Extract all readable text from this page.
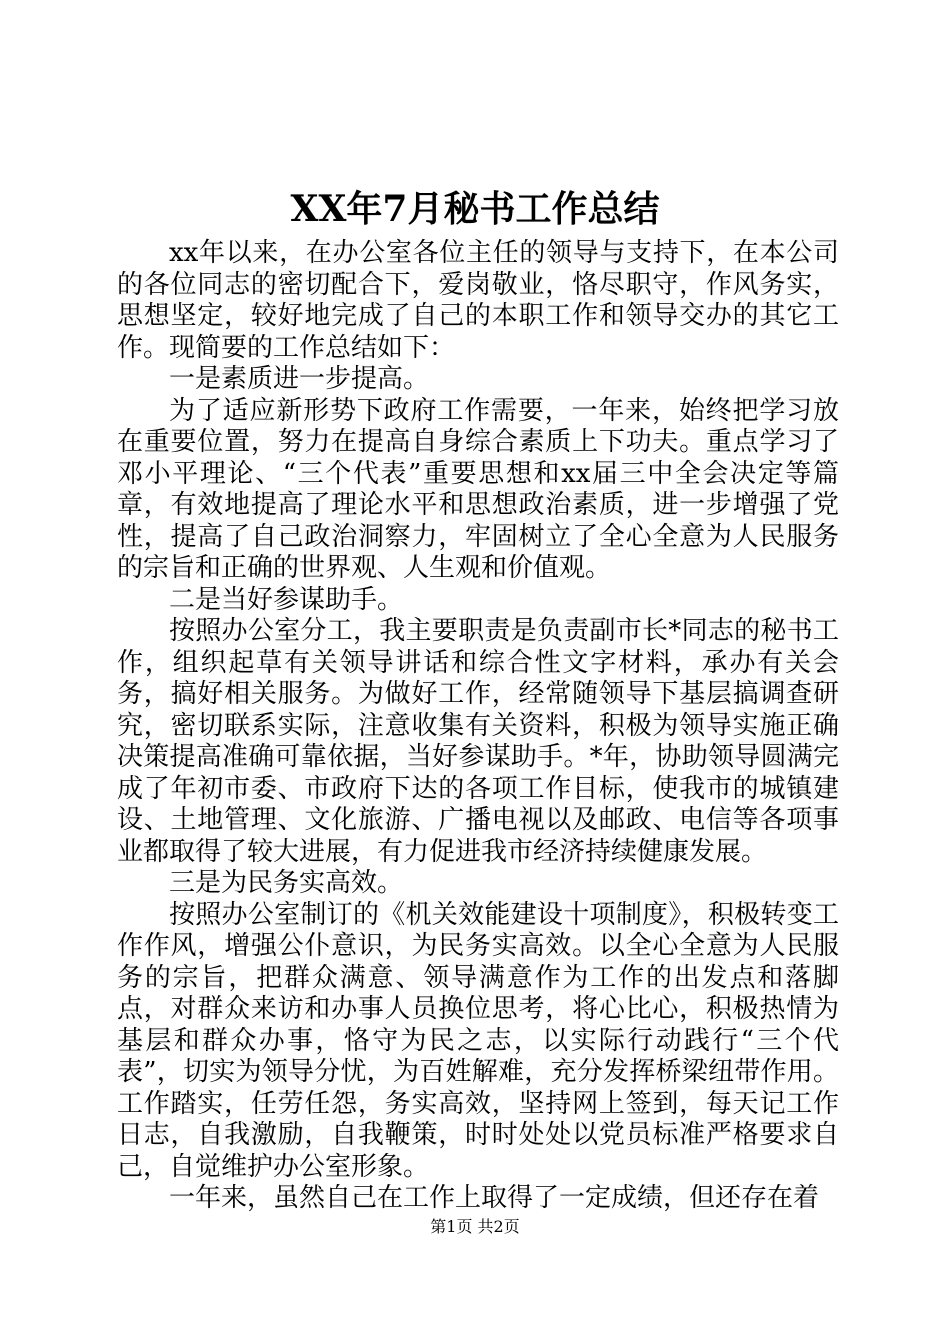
XX年7月秘书工作总结

xx年以来，在办公室各位主任的领导与支持下，在本公司的各位同志的密切配合下，爱岗敬业，恪尽职守，作风务实，思想坚定，较好地完成了自己的本职工作和领导交办的其它工作。现简要的工作总结如下：

一是素质进一步提高。

为了适应新形势下政府工作需要，一年来，始终把学习放在重要位置，努力在提高自身综合素质上下功夫。重点学习了邓小平理论、“三个代表”重要思想和xx届三中全会决定等篇章，有效地提高了理论水平和思想政治素质，进一步增强了党性，提高了自己政治洞察力，牢固树立了全心全意为人民服务的宗旨和正确的世界观、人生观和价值观。

二是当好参谋助手。

按照办公室分工，我主要职责是负责副市长*同志的秘书工作，组织起草有关领导讲话和综合性文字材料，承办有关会务，搞好相关服务。为做好工作，经常随领导下基层搞调查研究，密切联系实际，注意收集有关资料，积极为领导实施正确决策提高准确可靠依据，当好参谋助手。*年，协助领导圆满完成了年初市委、市政府下达的各项工作目标，使我市的城镇建设、土地管理、文化旅游、广播电视以及邮政、电信等各项事业都取得了较大进展，有力促进我市经济持续健康发展。

三是为民务实高效。

按照办公室制订的《机关效能建设十项制度》，积极转变工作作风，增强公仆意识，为民务实高效。以全心全意为人民服务的宗旨，把群众满意、领导满意作为工作的出发点和落脚点，对群众来访和办事人员换位思考，将心比心，积极热情为基层和群众办事，恪守为民之志，以实际行动践行“三个代表”，切实为领导分忧，为百姓解难，充分发挥桥梁纽带作用。工作踏实，任劳任怨，务实高效，坚持网上签到，每天记工作日志，自我激励，自我鞭策，时时处处以党员标准严格要求自己，自觉维护办公室形象。

一年来，虽然自己在工作上取得了一定成绩，但还存在着

第1页 共2页
